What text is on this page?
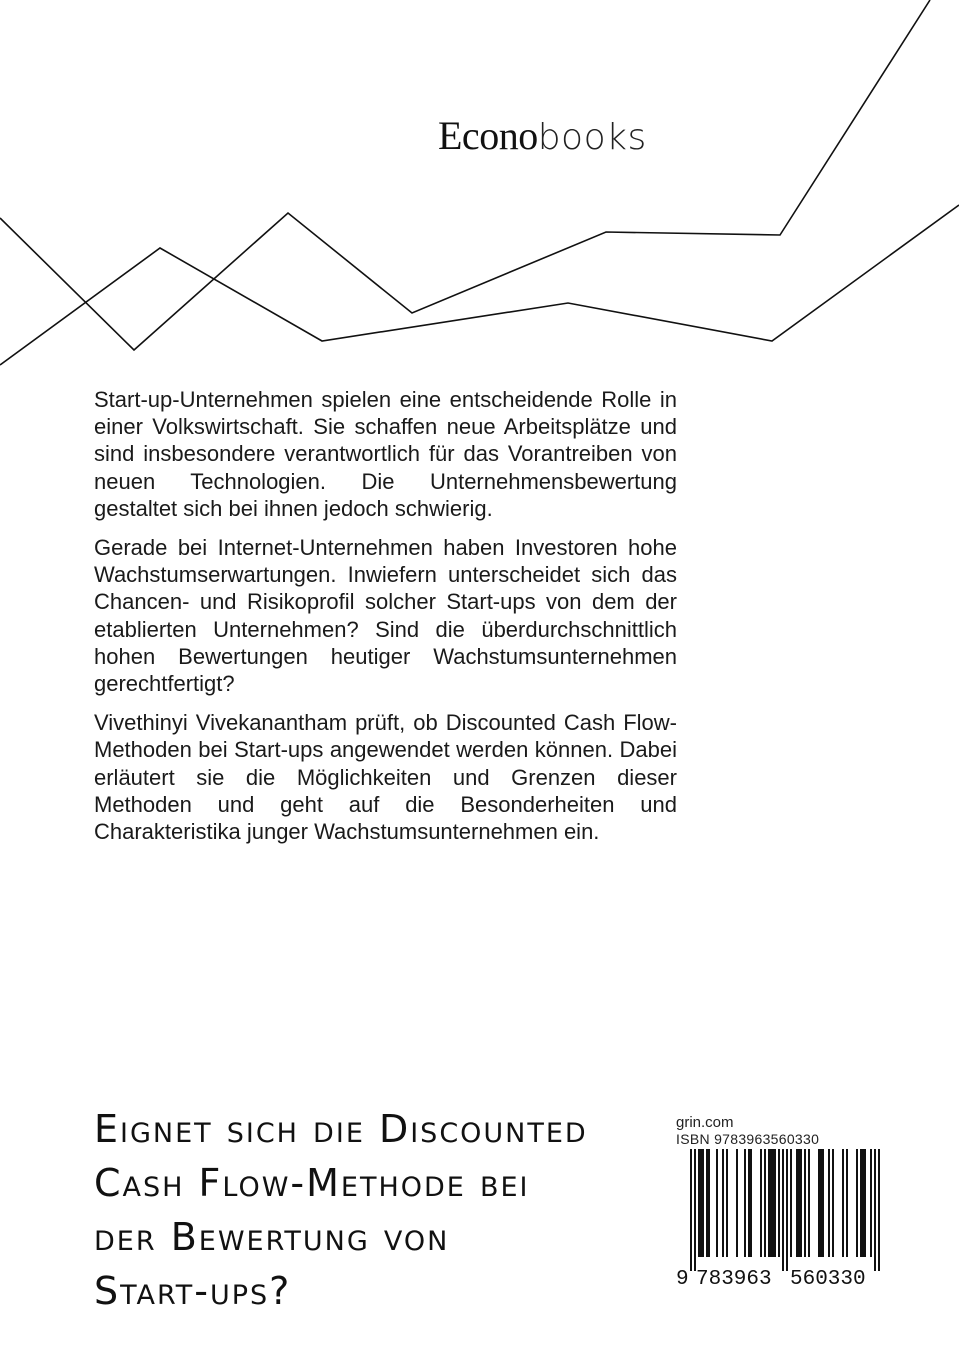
Econobooks

Start-up-Unternehmen spielen eine entscheidende Rolle in einer Volkswirtschaft. Sie schaffen neue Arbeitsplätze und sind insbesondere verantwortlich für das Vorantreiben von neuen Technologien. Die Unternehmensbewertung gestaltet sich bei ihnen jedoch schwierig.

Gerade bei Internet-Unternehmen haben Investoren hohe Wachstumserwartungen. Inwiefern unterscheidet sich das Chancen- und Risikoprofil solcher Start-ups von dem der etablierten Unternehmen? Sind die überdurchschnittlich hohen Bewertungen heutiger Wachstumsunternehmen gerechtfertigt?

Vivethinyi Vivekanantham prüft, ob Discounted Cash Flow-Methoden bei Start-ups angewendet werden können. Dabei erläutert sie die Möglichkeiten und Grenzen dieser Methoden und geht auf die Besonderheiten und Charakteristika junger Wachstumsunternehmen ein.

Eignet sich die Discounted
Cash Flow-Methode bei
der Bewertung von
Start-ups?
grin.com
ISBN 9783963560330
9 783963 560330
